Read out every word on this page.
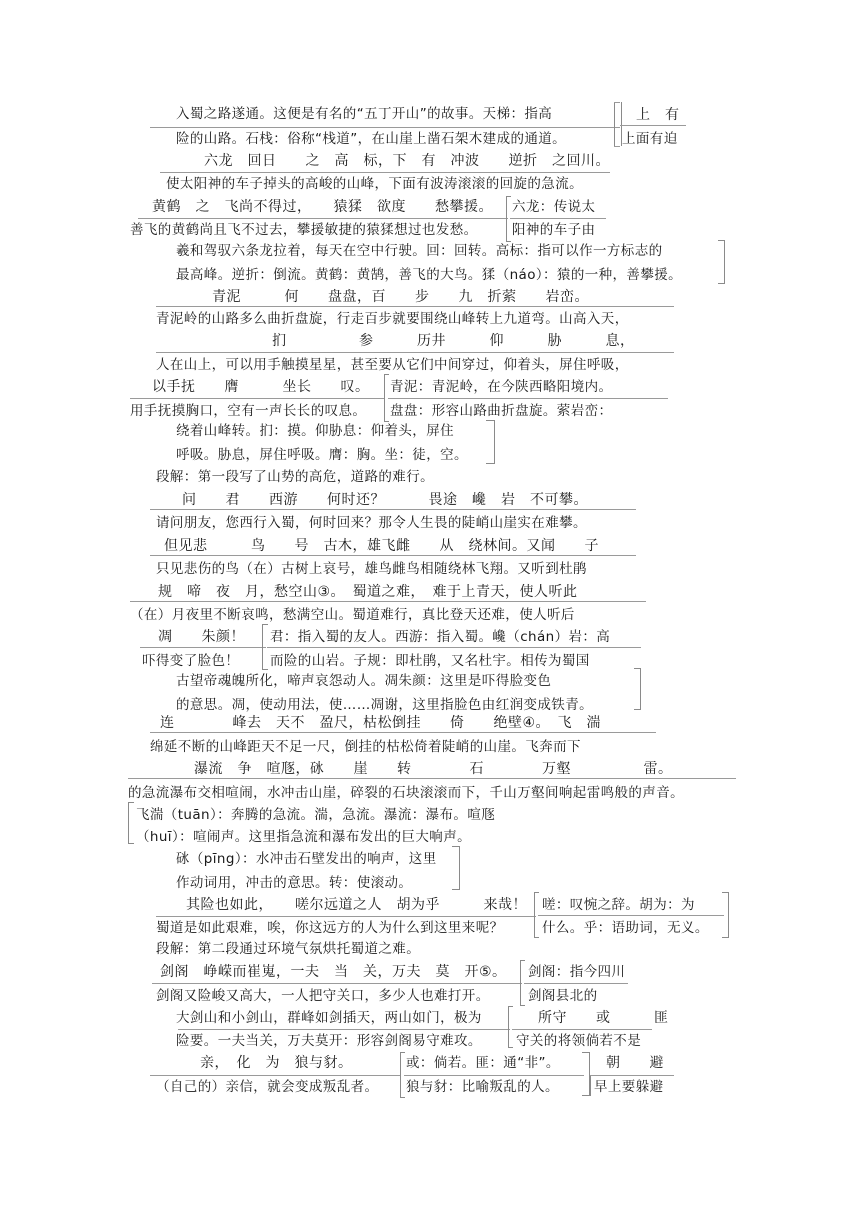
入蜀之路遂通。这便是有名的“五丁开山”的故事。天梯：指高
险的山路。石栈：俗称“栈道”，在山崖上凿石架木建成的通道。
上　有
上面有迫
六龙　回日　　之　高　标，下　有　冲波　　逆折　之回川。
使太阳神的车子掉头的高峻的山峰，下面有波涛滚滚的回旋的急流。
黄鹤　之　飞尚不得过，　　猿猱　欲度　　愁攀援。
善飞的黄鹤尚且飞不过去，攀援敏捷的猿猱想过也发愁。
六龙：传说太
阳神的车子由
羲和驾驭六条龙拉着，每天在空中行驶。回：回转。高标：指可以作一方标志的
最高峰。逆折：倒流。黄鹤：黄鹄，善飞的大鸟。猱（náo）：猿的一种，善攀援。
青泥　　　何　　盘盘，百　　步　　九　折萦　　岩峦。
青泥岭的山路多么曲折盘旋，行走百步就要围绕山峰转上九道弯。山高入天，
扪　　　　　参　　　历井　　　仰　　　胁　　　息，
人在山上，可以用手触摸星星，甚至要从它们中间穿过，仰着头，屏住呼吸，
以手抚　　膺　　　坐长　　叹。
用手抚摸胸口，空有一声长长的叹息。
青泥：青泥岭，在今陕西略阳境内。
盘盘：形容山路曲折盘旋。萦岩峦：
绕着山峰转。扪：摸。仰胁息：仰着头，屏住
呼吸。胁息，屏住呼吸。膺：胸。坐：徒，空。
段解：第一段写了山势的高危，道路的难行。
问　　君　　西游　　何时还？　　　畏途　巉　岩　不可攀。
请问朋友，您西行入蜀，何时回来？那令人生畏的陡峭山崖实在难攀。
但见悲　　　鸟　　号　古木，雄飞雌　　从　绕林间。又闻　　子
只见悲伤的鸟（在）古树上哀号，雄鸟雌鸟相随绕林飞翔。又听到杜鹃
规　啼　夜　月，愁空山③。　蜀道之难，　难于上青天，使人听此
（在）月夜里不断哀鸣，愁满空山。蜀道难行，真比登天还难，使人听后
凋　　朱颜！
吓得变了脸色！
君：指入蜀的友人。西游：指入蜀。巉（chán）岩：高
而险的山岩。子规：即杜鹃，又名杜宇。相传为蜀国
古望帝魂魄所化，啼声哀怨动人。凋朱颜：这里是吓得脸变色
的意思。凋，使动用法，使……凋谢，这里指脸色由红润变成铁青。
连　　　　峰去　天不　盈尺，枯松倒挂　　倚　　绝壁④。　飞　湍
绵延不断的山峰距天不足一尺，倒挂的枯松倚着陡峭的山崖。飞奔而下
瀑流　争　喧豗，砯　　崖　　转　　　　石　　　　万壑　　　　　雷。
的急流瀑布交相喧闹，水冲击山崖，碎裂的石块滚滚而下，千山万壑间响起雷鸣般的声音。
飞湍（tuān）：奔腾的急流。湍，急流。瀑流：瀑布。喧豗
（huī）：喧闹声。这里指急流和瀑布发出的巨大响声。
砯（pīng）：水冲击石壁发出的响声，这里
作动词用，冲击的意思。转：使滚动。
其险也如此，　　嗟尔远道之人　胡为乎　　　来哉！
蜀道是如此艰难，唉，你这远方的人为什么到这里来呢？
嗟：叹惋之辞。胡为：为
什么。乎：语助词，无义。
段解：第二段通过环境气氛烘托蜀道之难。
剑阁　峥嵘而崔嵬，一夫　当　关，万夫　莫　开⑤。
剑阁又险峻又高大，一人把守关口，多少人也难打开。
剑阁：指今四川
剑阁县北的
大剑山和小剑山，群峰如剑插天，两山如门，极为
险要。一夫当关，万夫莫开：形容剑阁易守难攻。
所守　　或　　　匪
守关的将领倘若不是
亲，　化　为　狼与豺。
（自己的）亲信，就会变成叛乱者。
或：倘若。匪：通“非”。
狼与豺：比喻叛乱的人。
朝　　避
早上要躲避
